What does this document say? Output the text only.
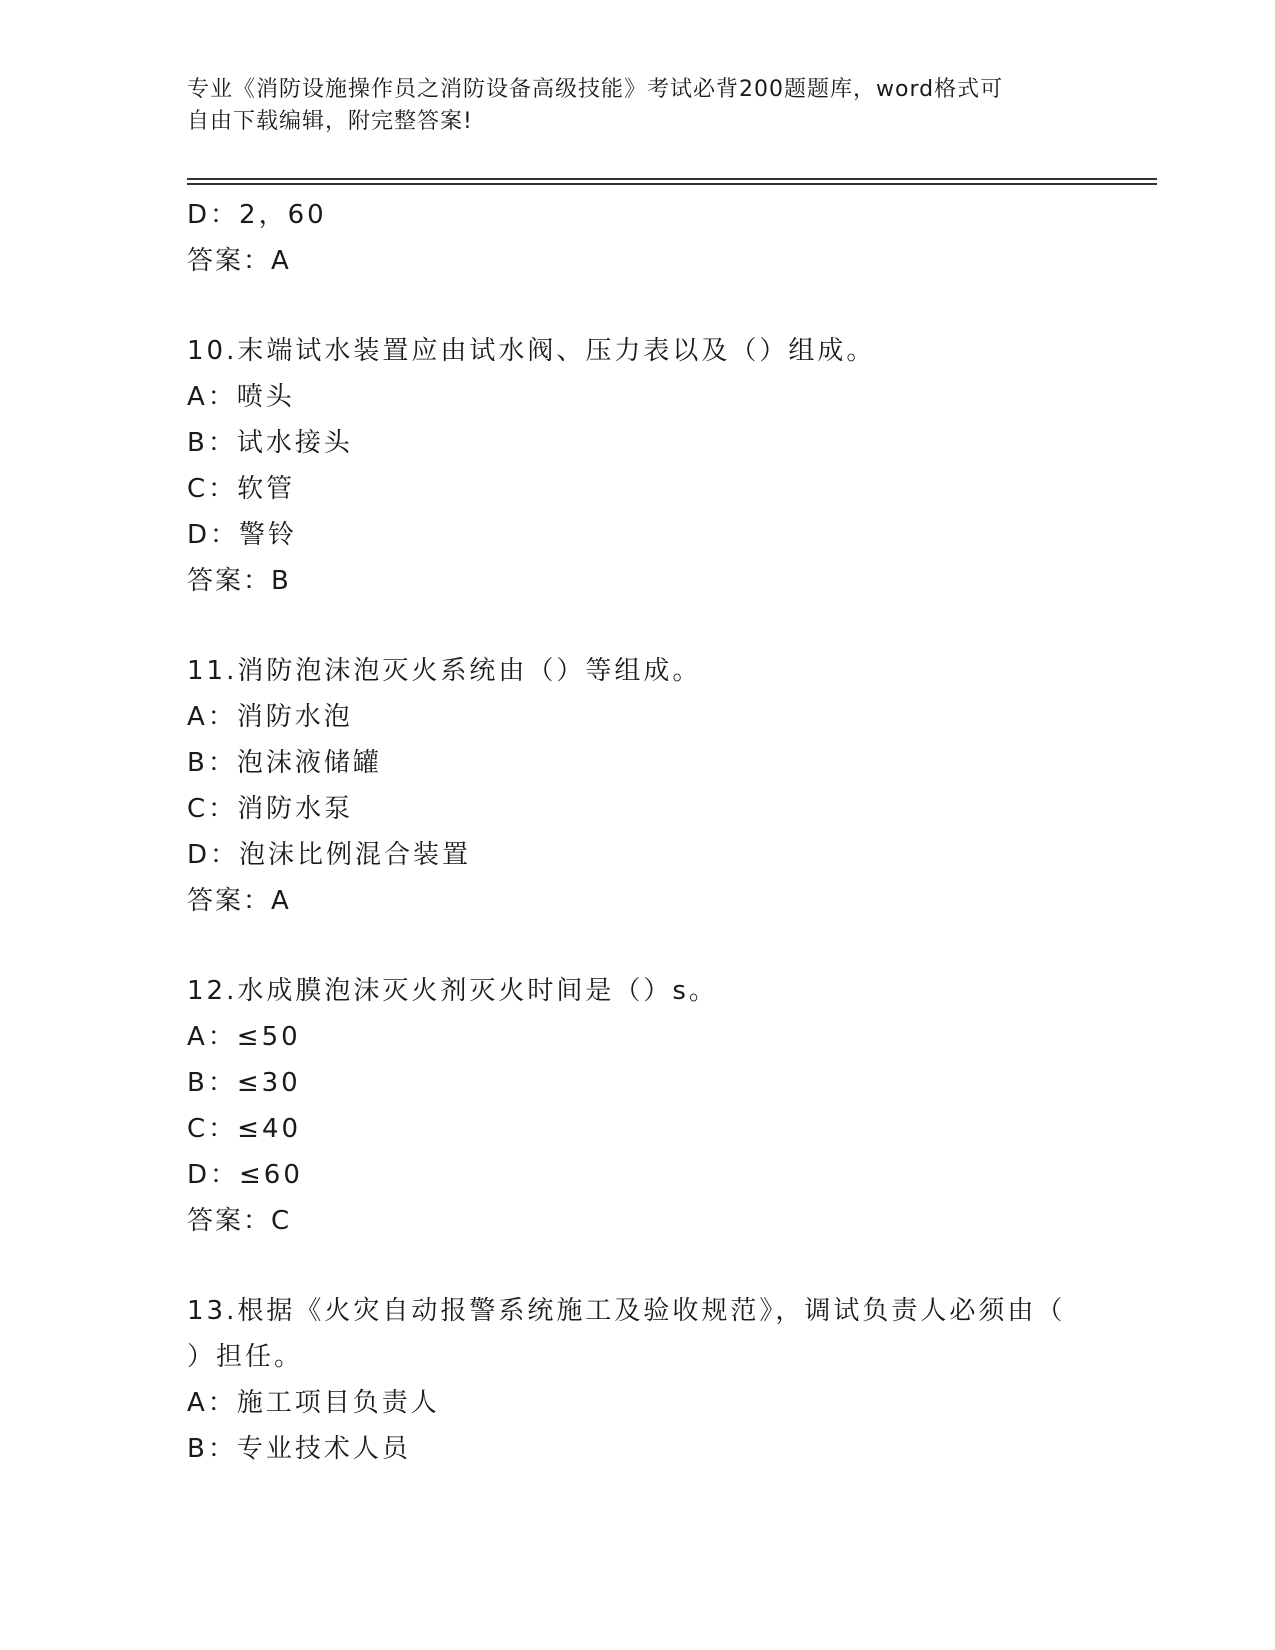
专业《消防设施操作员之消防设备高级技能》考试必背200题题库，word格式可
自由下载编辑，附完整答案!
D：2，60
答案：A
10.末端试水装置应由试水阀、压力表以及（）组成。
A：喷头
B：试水接头
C：软管
D：警铃
答案：B
11.消防泡沫泡灭火系统由（）等组成。
A：消防水泡
B：泡沫液储罐
C：消防水泵
D：泡沫比例混合装置
答案：A
12.水成膜泡沫灭火剂灭火时间是（）s。
A：≤50
B：≤30
C：≤40
D：≤60
答案：C
13.根据《火灾自动报警系统施工及验收规范》，调试负责人必须由（
）担任。
A：施工项目负责人
B：专业技术人员
